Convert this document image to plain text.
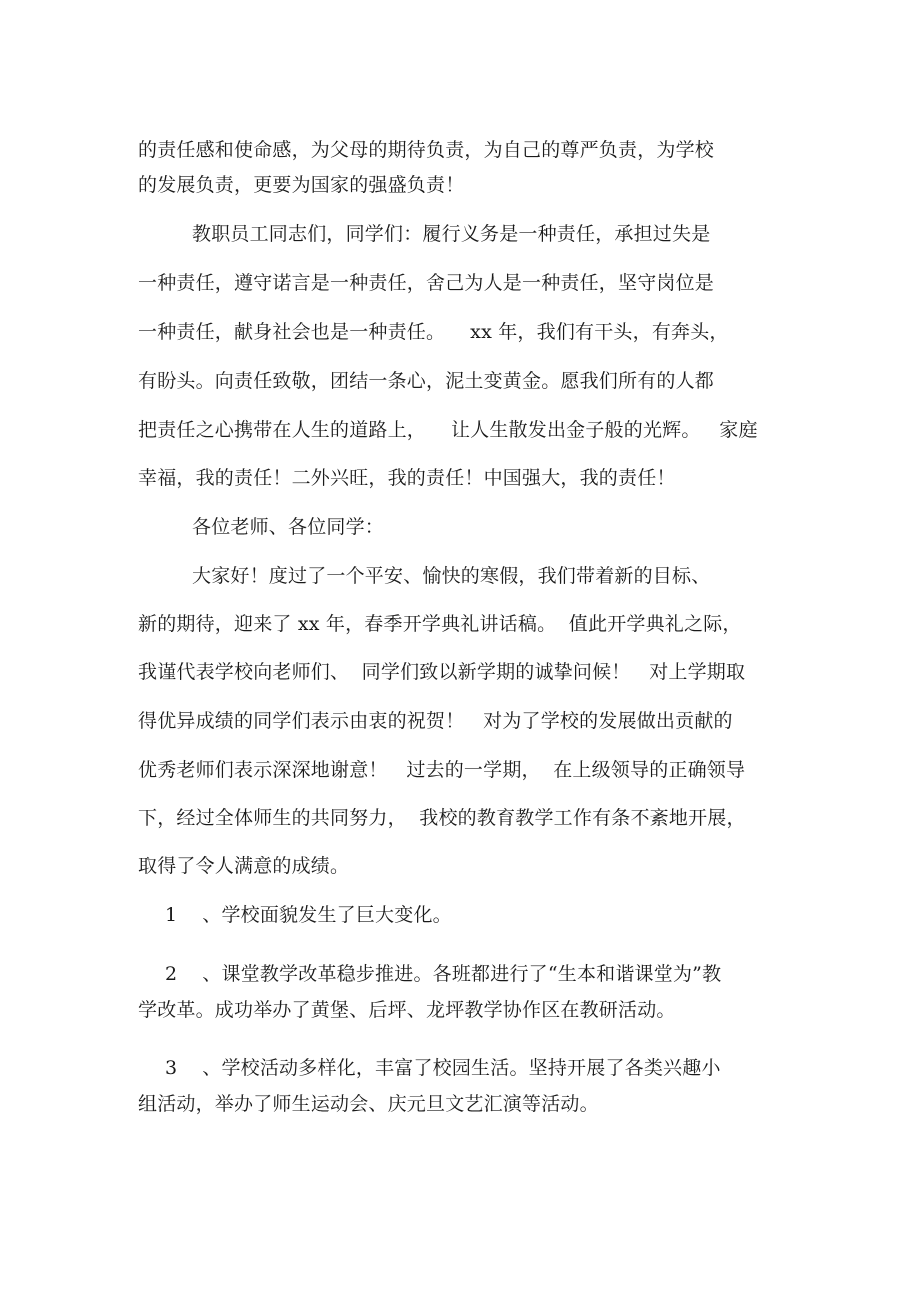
的责任感和使命感，为父母的期待负责，为自己的尊严负责，为学校
的发展负责，更要为国家的强盛负责！
教职员工同志们，同学们：履行义务是一种责任，承担过失是
一种责任，遵守诺言是一种责任，舍己为人是一种责任，坚守岗位是
一种责任，献身社会也是一种责任。    xx 年，我们有干头，有奔头，
有盼头。向责任致敬，团结一条心，泥土变黄金。愿我们所有的人都
把责任之心携带在人生的道路上，    让人生散发出金子般的光辉。   家庭
幸福，我的责任！二外兴旺，我的责任！中国强大，我的责任！
各位老师、各位同学：
大家好！度过了一个平安、愉快的寒假，我们带着新的目标、
新的期待，迎来了 xx 年，春季开学典礼讲话稿。  值此开学典礼之际，
我谨代表学校向老师们、  同学们致以新学期的诚挚问候！   对上学期取
得优异成绩的同学们表示由衷的祝贺！   对为了学校的发展做出贡献的
优秀老师们表示深深地谢意！   过去的一学期，  在上级领导的正确领导
下，经过全体师生的共同努力，  我校的教育教学工作有条不紊地开展，
取得了令人满意的成绩。
1    、学校面貌发生了巨大变化。
2    、课堂教学改革稳步推进。各班都进行了“生本和谐课堂为”教
学改革。成功举办了黄堡、后坪、龙坪教学协作区在教研活动。
3    、学校活动多样化，丰富了校园生活。坚持开展了各类兴趣小
组活动，举办了师生运动会、庆元旦文艺汇演等活动。
